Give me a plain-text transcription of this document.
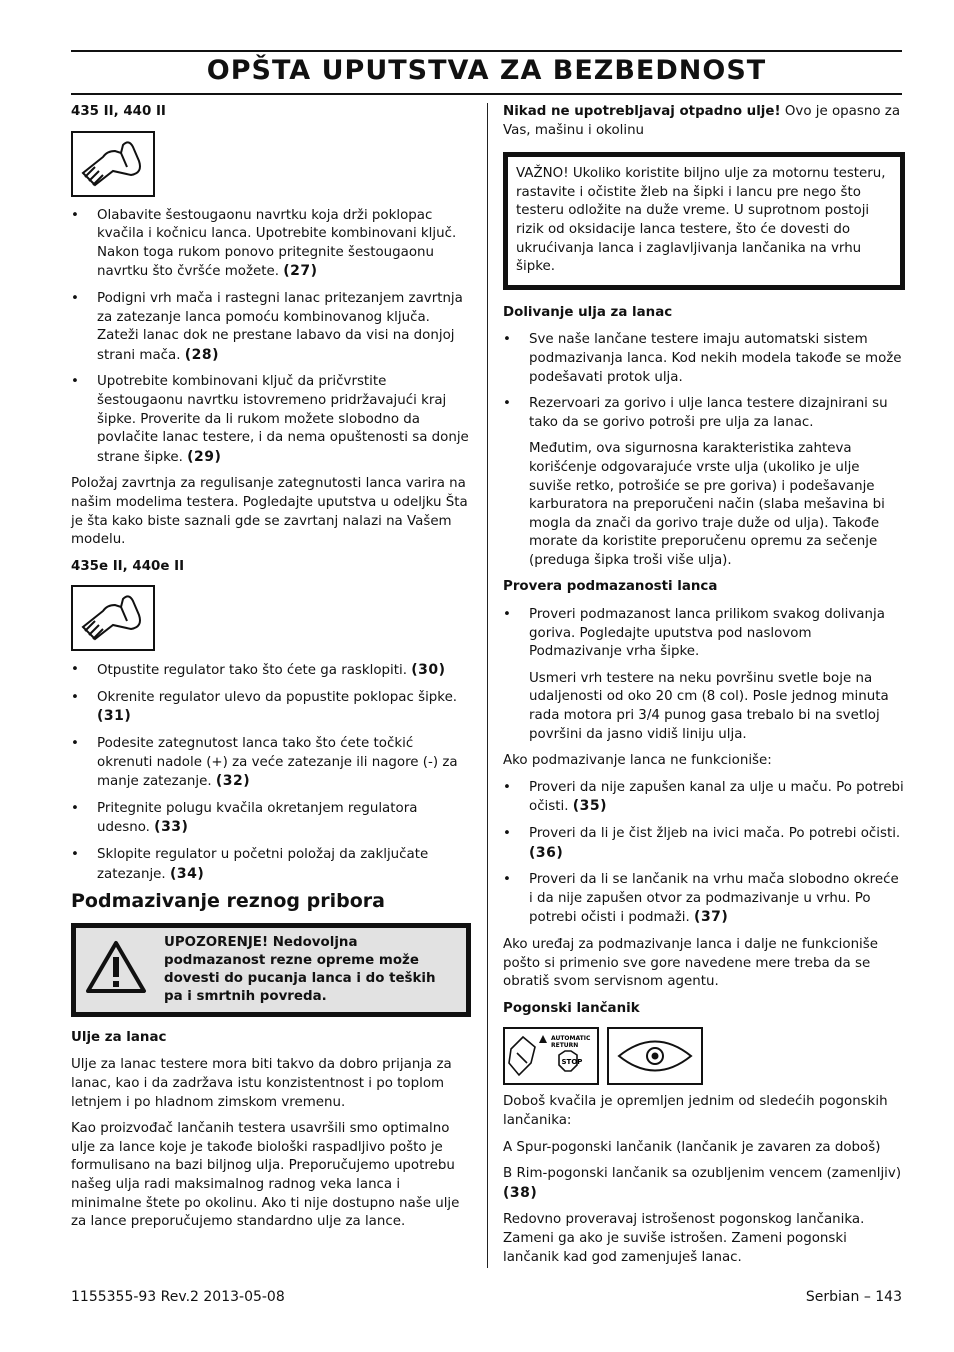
OPŠTA UPUTSTVA ZA BEZBEDNOST
435 II, 440 II
• Olabavite šestougaonu navrtku koja drži poklopac kvačila i kočnicu lanca. Upotrebite kombinovani ključ. Nakon toga rukom ponovo pritegnite šestougaonu navrtku što čvršće možete. (27)
• Podigni vrh mača i rastegni lanac pritezanjem zavrtnja za zatezanje lanca pomoću kombinovanog ključa. Zateži lanac dok ne prestane labavo da visi na donjoj strani mača. (28)
• Upotrebite kombinovani ključ da pričvrstite šestougaonu navrtku istovremeno pridržavajući kraj šipke. Proverite da li rukom možete slobodno da povlačite lanac testere, i da nema opuštenosti sa donje strane šipke. (29)

Položaj zavrtnja za regulisanje zategnutosti lanca varira na našim modelima testera. Pogledajte uputstva u odeljku Šta je šta kako biste saznali gde se zavrtanj nalazi na Vašem modelu.

435e II, 440e II
• Otpustite regulator tako što ćete ga rasklopiti. (30)
• Okrenite regulator ulevo da popustite poklopac šipke. (31)
• Podesite zategnutost lanca tako što ćete točkić okrenuti nadole (+) za veće zatezanje ili nagore (-) za manje zatezanje. (32)
• Pritegnite polugu kvačila okretanjem regulatora udesno. (33)
• Sklopite regulator u početni položaj da zaključate zatezanje. (34)
Podmazivanje reznog pribora
UPOZORENJE! Nedovoljna podmazanost rezne opreme može dovesti do pucanja lanca i do teških pa i smrtnih povreda.
Ulje za lanac

Ulje za lanac testere mora biti takvo da dobro prijanja za lanac, kao i da zadržava istu konzistentnost i po toplom letnjem i po hladnom zimskom vremenu.

Kao proizvođač lančanih testera usavršili smo optimalno ulje za lance koje je takođe biološki raspadljivo pošto je formulisano na bazi biljnog ulja. Preporučujemo upotrebu našeg ulja radi maksimalnog radnog veka lanca i minimalne štete po okolinu. Ako ti nije dostupno naše ulje za lance preporučujemo standardno ulje za lance.

Nikad ne upotrebljavaj otpadno ulje! Ovo je opasno za Vas, mašinu i okolinu

VAŽNO! Ukoliko koristite biljno ulje za motornu testeru, rastavite i očistite žleb na šipki i lancu pre nego što testeru odložite na duže vreme. U suprotnom postoji rizik od oksidacije lanca testere, što će dovesti do ukrućivanja lanca i zaglavljivanja lančanika na vrhu šipke.
Dolivanje ulja za lanac
• Sve naše lančane testere imaju automatski sistem podmazivanja lanca. Kod nekih modela takođe se može podešavati protok ulja.
• Rezervoari za gorivo i ulje lanca testere dizajnirani su tako da se gorivo potroši pre ulja za lanac.

Međutim, ova sigurnosna karakteristika zahteva korišćenje odgovarajuće vrste ulja (ukoliko je ulje suviše retko, potrošiće se pre goriva) i podešavanje karburatora na preporučeni način (slaba mešavina bi mogla da znači da gorivo traje duže od ulja). Takođe morate da koristite preporučenu opremu za sečenje (preduga šipka troši više ulja).

Provera podmazanosti lanca
• Proveri podmazanost lanca prilikom svakog dolivanja goriva. Pogledajte uputstva pod naslovom Podmazivanje vrha šipke.

Usmeri vrh testere na neku površinu svetle boje na udaljenosti od oko 20 cm (8 col). Posle jednog minuta rada motora pri 3/4 punog gasa trebalo bi na svetloj površini da jasno vidiš liniju ulja.

Ako podmazivanje lanca ne funkcioniše:

• Proveri da nije zapušen kanal za ulje u maču. Po potrebi očisti. (35)
• Proveri da li je čist žljeb na ivici mača. Po potrebi očisti.
(36)
• Proveri da li se lančanik na vrhu mača slobodno okreće i da nije zapušen otvor za podmazivanje u vrhu. Po potrebi očisti i podmaži. (37)

Ako uređaj za podmazivanje lanca i dalje ne funkcioniše pošto si primenio sve gore navedene mere treba da se obratiš svom servisnom agentu.

Pogonski lančanik
AUTOMATIC
RETURN
STOP

Doboš kvačila je opremljen jednim od sledećih pogonskih lančanika:

A Spur-pogonski lančanik (lančanik je zavaren za doboš)

B Rim-pogonski lančanik sa ozubljenim vencem (zamenljiv)
(38)

Redovno proveravaj istrošenost pogonskog lančanika. Zameni ga ako je suviše istrošen. Zameni pogonski lančanik kad god zamenjuješ lanac.

1155355-93 Rev.2 2013-05-08	Serbian – 143
